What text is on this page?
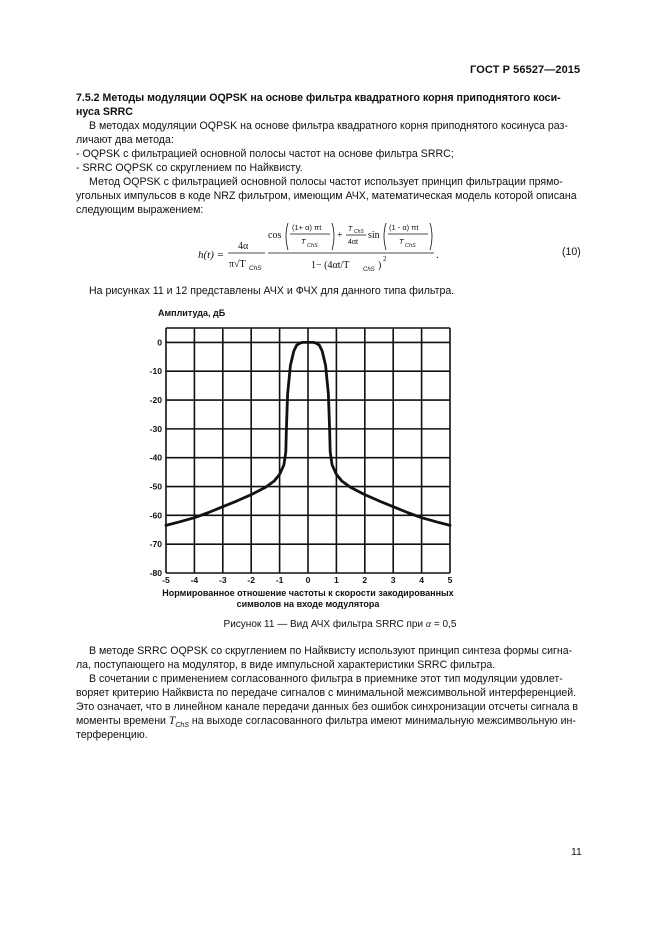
ГОСТ Р 56527—2015
7.5.2 Методы модуляции OQPSK на основе фильтра квадратного корня приподнятого коси-
нуса SRRC
В методах модуляции OQPSK на основе фильтра квадратного корня приподнятого косинуса раз-
личают два метода:
- OQPSK с фильтрацией основной полосы частот на основе фильтра SRRC;
- SRRC OQPSK со скруглением по Найквисту.
Метод OQPSK с фильтрацией основной полосы частот использует принцип фильтрации прямо-
угольных импульсов в коде NRZ фильтром, имеющим АЧХ, математическая модель которой описана
следующим выражением:
h(t) =
4α
π√T ChS
cos
(1+ α) πt
T ChS
+
T ChS
4αt
sin
(1 - α) πt
T ChS
1− (4αt/T ChS )
2	.	(10)
На рисунках 11 и 12 представлены АЧХ и ФЧХ для данного типа фильтра.
Амплитуда, дБ
0
-10
-20
-30
-40
-50
-60
-70
-80
-5 -4 -3 -2 -1	0	1	2	3	4	5
Нормированное отношение частоты к скорости закодированных
символов на входе модулятора
Рисунок 11 — Вид АЧХ фильтра SRRC при α = 0,5
В методе SRRC OQPSK со скруглением по Найквисту используют принцип синтеза формы сигна-
ла, поступающего на модулятор, в виде импульсной характеристики SRRC фильтра.
В сочетании с применением согласованного фильтра в приемнике этот тип модуляции удовлет-
воряет критерию Найквиста по передаче сигналов с минимальной межсимвольной интерференцией.
Это означает, что в линейном канале передачи данных без ошибок синхронизации отсчеты сигнала в
моменты времени $T_{ChS}$ на выходе согласованного фильтра имеют минимальную межсимвольную ин-
терференцию.
11
